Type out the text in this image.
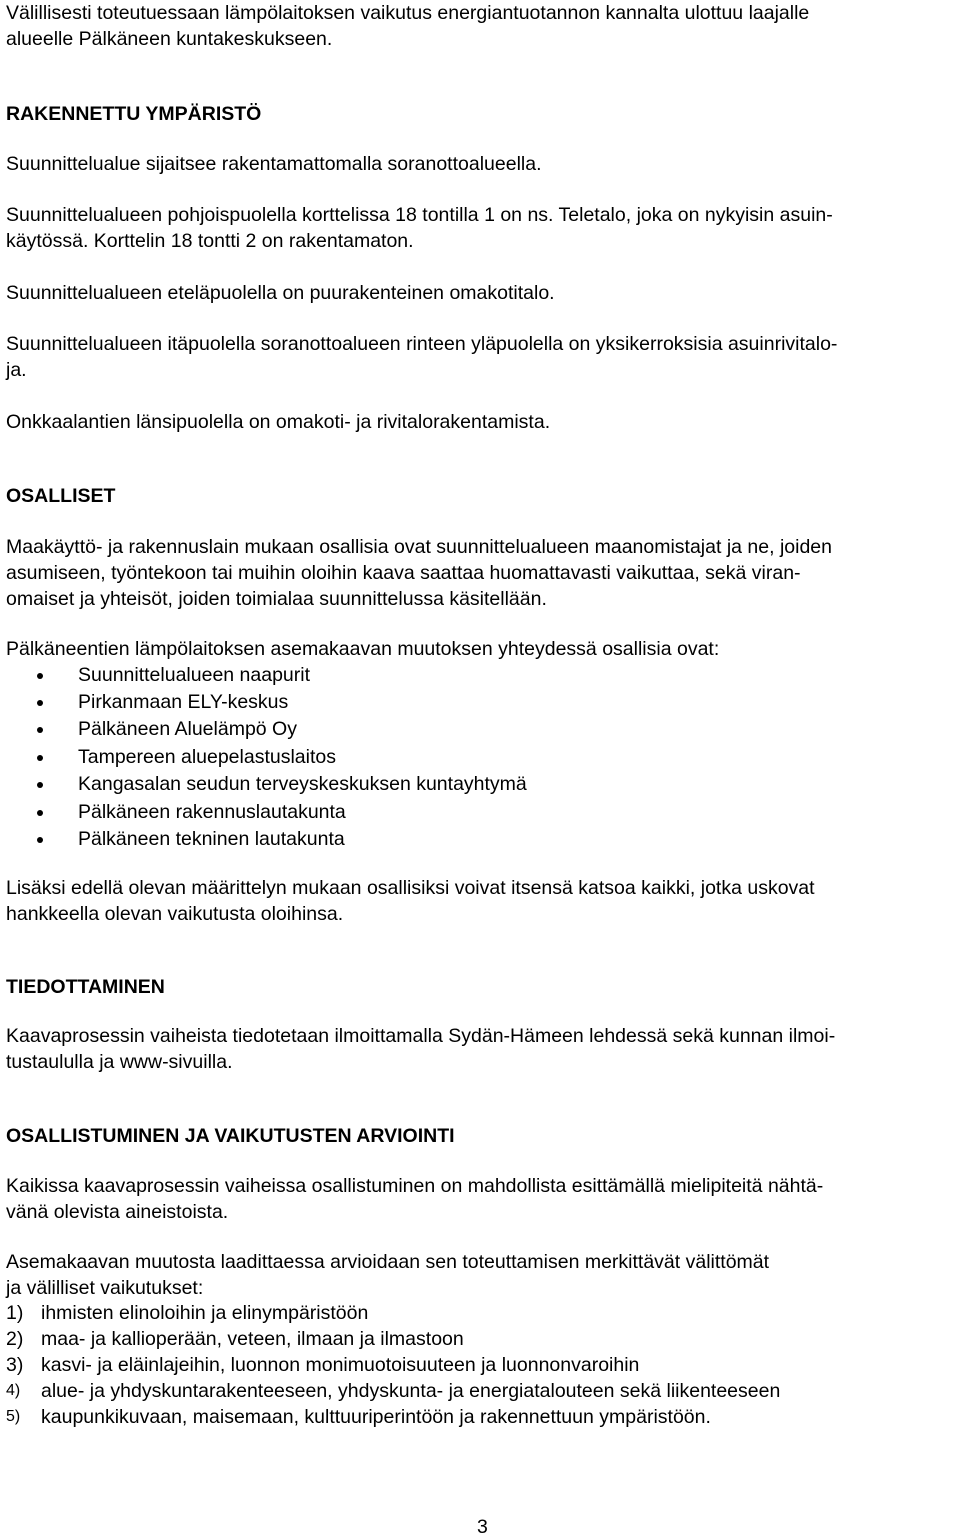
Välillisesti toteutuessaan lämpölaitoksen vaikutus energiantuotannon kannalta ulottuu laajalle
alueelle Pälkäneen kuntakeskukseen.
RAKENNETTU YMPÄRISTÖ
Suunnittelualue sijaitsee rakentamattomalla soranottoalueella.
Suunnittelualueen pohjoispuolella korttelissa 18 tontilla 1 on ns. Teletalo, joka on nykyisin asuin-
käytössä. Korttelin 18 tontti 2 on rakentamaton.
Suunnittelualueen eteläpuolella on puurakenteinen omakotitalo.
Suunnittelualueen itäpuolella soranottoalueen rinteen yläpuolella on yksikerroksisia asuinrivitalo-
ja.
Onkkaalantien länsipuolella on omakoti- ja rivitalorakentamista.
OSALLISET
Maakäyttö- ja rakennuslain mukaan osallisia ovat suunnittelualueen maanomistajat ja ne, joiden
asumiseen, työntekoon tai muihin oloihin kaava saattaa huomattavasti vaikuttaa, sekä viran-
omaiset ja yhteisöt, joiden toimialaa suunnittelussa käsitellään.
Pälkäneentien lämpölaitoksen asemakaavan muutoksen yhteydessä osallisia ovat:
Suunnittelualueen naapurit
Pirkanmaan ELY-keskus
Pälkäneen Aluelämpö Oy
Tampereen aluepelastuslaitos
Kangasalan seudun terveyskeskuksen kuntayhtymä
Pälkäneen rakennuslautakunta
Pälkäneen tekninen lautakunta
Lisäksi edellä olevan määrittelyn mukaan osallisiksi voivat itsensä katsoa kaikki, jotka uskovat
hankkeella olevan vaikutusta oloihinsa.
TIEDOTTAMINEN
Kaavaprosessin vaiheista tiedotetaan ilmoittamalla Sydän-Hämeen lehdessä sekä kunnan ilmoi-
tustaululla ja www-sivuilla.
OSALLISTUMINEN JA VAIKUTUSTEN ARVIOINTI
Kaikissa kaavaprosessin vaiheissa osallistuminen on mahdollista esittämällä mielipiteitä nähtä-
vänä olevista aineistoista.
Asemakaavan muutosta laadittaessa arvioidaan sen toteuttamisen merkittävät välittömät
ja välilliset vaikutukset:
1) ihmisten elinoloihin ja elinympäristöön
2) maa- ja kallioperään, veteen, ilmaan ja ilmastoon
3) kasvi- ja eläinlajeihin, luonnon monimuotoisuuteen ja luonnonvaroihin
4) alue- ja yhdyskuntarakenteeseen, yhdyskunta- ja energiatalouteen sekä liikenteeseen
5) kaupunkikuvaan, maisemaan, kulttuuriperintöön ja rakennettuun ympäristöön.
3
